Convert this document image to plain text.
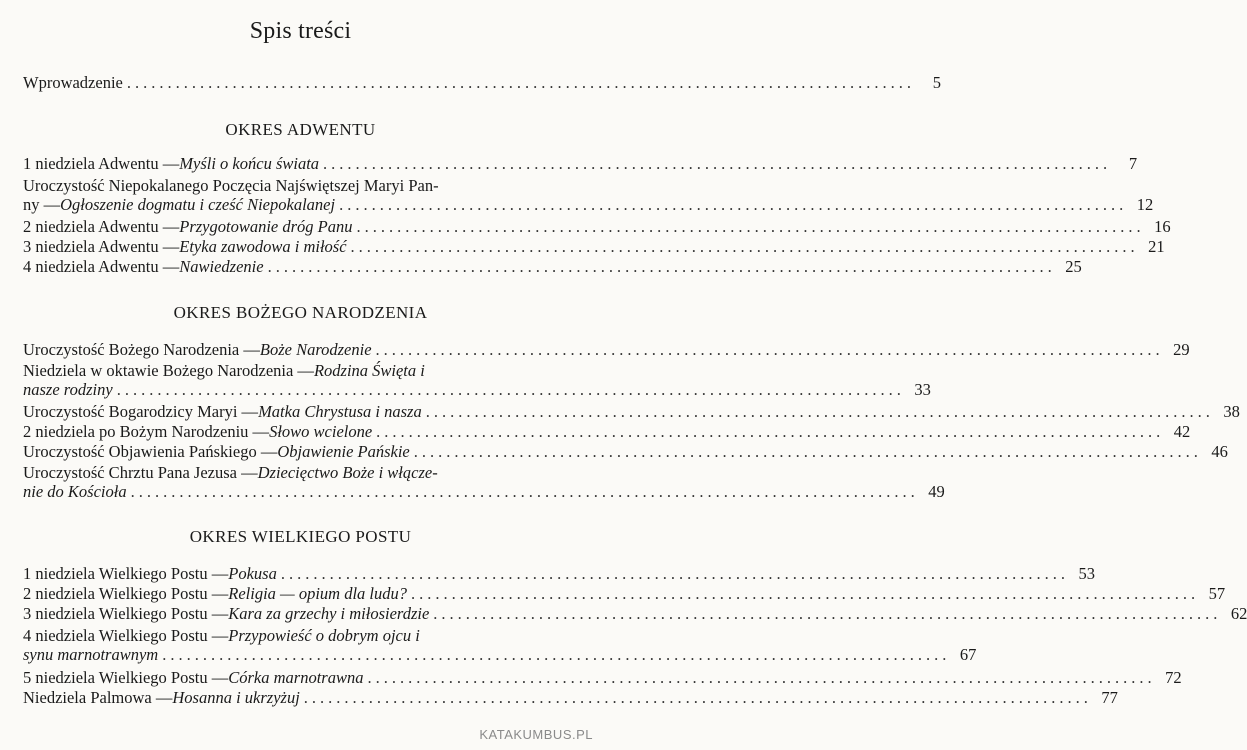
Spis treści
Wprowadzenie .................................................................................................	5
OKRES ADWENTU
1 niedziela Adwentu — Myśli o końcu świata .................................................................................................	7
Uroczystość Niepokalanego Poczęcia Najświętszej Maryi Pan-
ny — Ogłoszenie dogmatu i cześć Niepokalanej ................................................................................................. 12
2 niedziela Adwentu — Przygotowanie dróg Panu ................................................................................................. 16
3 niedziela Adwentu — Etyka zawodowa i miłość ................................................................................................. 21
4 niedziela Adwentu — Nawiedzenie ................................................................................................. 25
OKRES BOŻEGO NARODZENIA
Uroczystość Bożego Narodzenia — Boże Narodzenie ................................................................................................. 29
Niedziela w oktawie Bożego Narodzenia — Rodzina Święta i
nasze rodziny ................................................................................................. 33
Uroczystość Bogarodzicy Maryi — Matka Chrystusa i nasza ................................................................................................. 38
2 niedziela po Bożym Narodzeniu — Słowo wcielone ................................................................................................. 42
Uroczystość Objawienia Pańskiego — Objawienie Pańskie ................................................................................................. 46
Uroczystość Chrztu Pana Jezusa — Dziecięctwo Boże i włącze-
nie do Kościoła ................................................................................................. 49
OKRES WIELKIEGO POSTU
1 niedziela Wielkiego Postu — Pokusa ................................................................................................. 53
2 niedziela Wielkiego Postu — Religia — opium dla ludu? ................................................................................................. 57
3 niedziela Wielkiego Postu — Kara za grzechy i miłosierdzie ................................................................................................. 62
4 niedziela Wielkiego Postu — Przypowieść o dobrym ojcu i
synu marnotrawnym ................................................................................................. 67
5 niedziela Wielkiego Postu — Córka marnotrawna ................................................................................................. 72
Niedziela Palmowa — Hosanna i ukrzyżuj ................................................................................................. 77
KATAKUMBUS.PL
